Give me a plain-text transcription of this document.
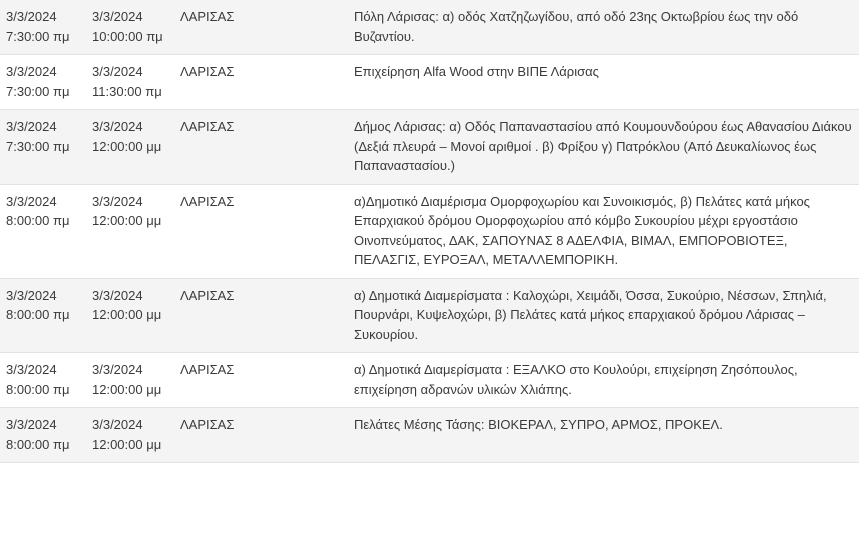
3/3/2024 7:30:00 πμ	3/3/2024 10:00:00 πμ	ΛΑΡΙΣΑΣ	Πόλη Λάρισας: α) οδός Χατζηζωγίδου, από οδό 23ης Οκτωβρίου έως την οδό Βυζαντίου.
3/3/2024 7:30:00 πμ	3/3/2024 11:30:00 πμ	ΛΑΡΙΣΑΣ	Επιχείρηση Alfa Wood στην ΒΙΠΕ Λάρισας
3/3/2024 7:30:00 πμ	3/3/2024 12:00:00 μμ	ΛΑΡΙΣΑΣ	Δήμος Λάρισας: α) Οδός Παπαναστασίου από Κουμουνδούρου έως Αθανασίου Διάκου (Δεξιά πλευρά – Μονοί αριθμοί . β) Φρίξου γ) Πατρόκλου (Από Δευκαλίωνος έως Παπαναστασίου.)
3/3/2024 8:00:00 πμ	3/3/2024 12:00:00 μμ	ΛΑΡΙΣΑΣ	α)Δημοτικό Διαμέρισμα Ομορφοχωρίου και Συνοικισμός, β) Πελάτες κατά μήκος Επαρχιακού δρόμου Ομορφοχωρίου από κόμβο Συκουρίου μέχρι εργοστάσιο Οινοπνεύματος, ΔΑΚ, ΣΑΠΟΥΝΑΣ 8 ΑΔΕΛΦΙΑ, ΒΙΜΑΛ, ΕΜΠΟΡΟΒΙΟΤΕΞ, ΠΕΛΑΣΓΙΣ, ΕΥΡΟΞΑΛ, ΜΕΤΑΛΛΕΜΠΟΡΙΚΗ.
3/3/2024 8:00:00 πμ	3/3/2024 12:00:00 μμ	ΛΑΡΙΣΑΣ	α) Δημοτικά Διαμερίσματα : Καλοχώρι, Χειμάδι, Όσσα, Συκούριο, Νέσσων, Σπηλιά, Πουρνάρι, Κυψελοχώρι, β) Πελάτες κατά μήκος επαρχιακού δρόμου Λάρισας – Συκουρίου.
3/3/2024 8:00:00 πμ	3/3/2024 12:00:00 μμ	ΛΑΡΙΣΑΣ	α) Δημοτικά Διαμερίσματα : ΕΞΑΛΚΟ στο Κουλούρι, επιχείρηση Ζησόπουλος, επιχείρηση αδρανών υλικών Χλιάπης.
3/3/2024 8:00:00 πμ	3/3/2024 12:00:00 μμ	ΛΑΡΙΣΑΣ	Πελάτες Μέσης Τάσης: ΒΙΟΚΕΡΑΛ, ΣΥΠΡΟ, ΑΡΜΟΣ, ΠΡΟΚΕΛ.
